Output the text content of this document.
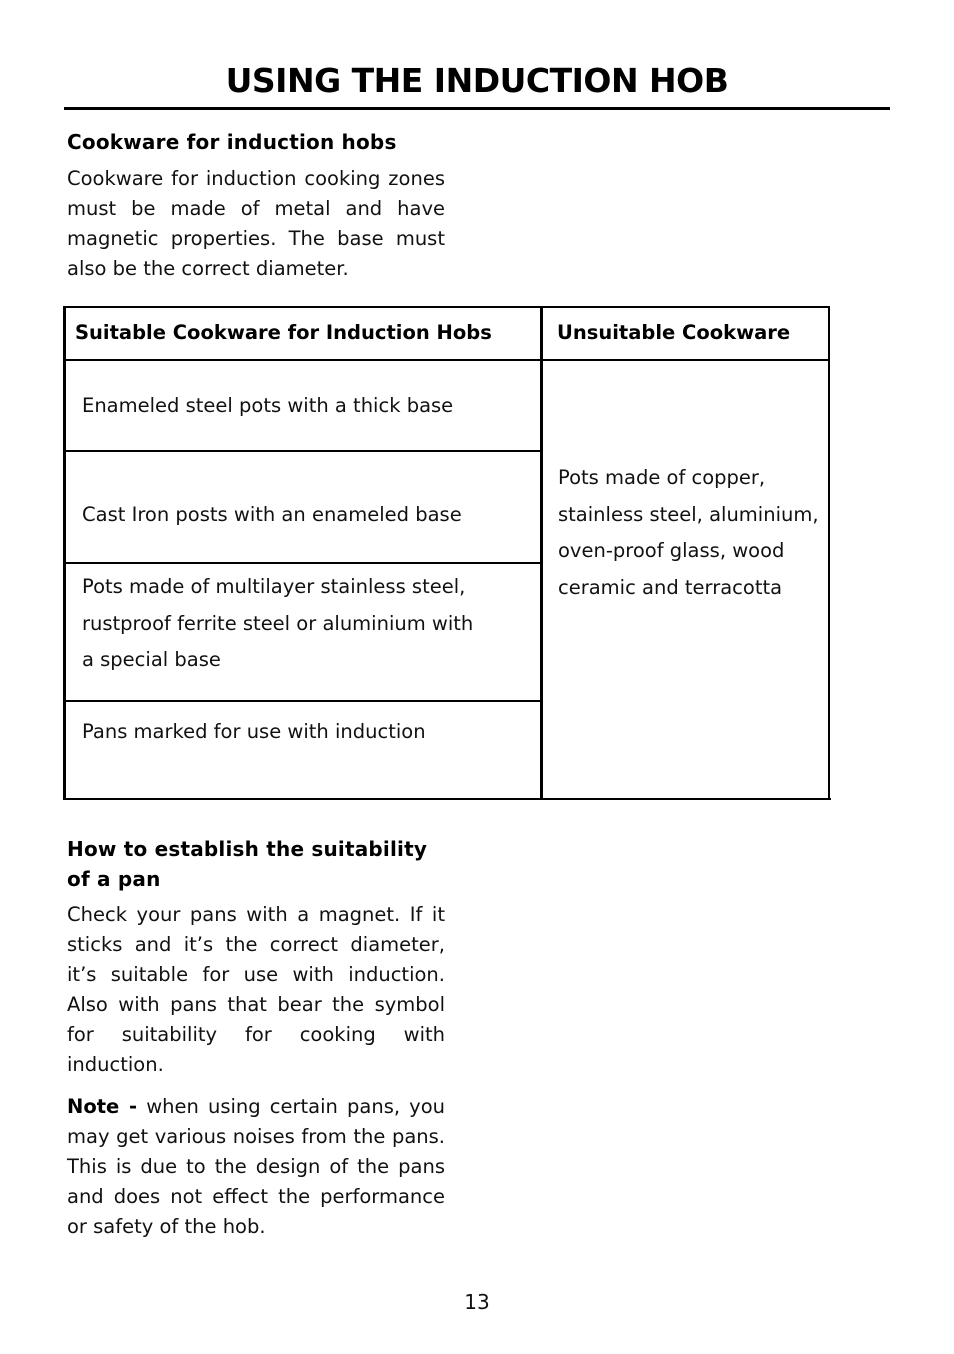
USING THE INDUCTION HOB
Cookware for induction hobs
Cookware for induction cooking zones must be made of metal and have magnetic properties. The base must also be the correct diameter.
Suitable Cookware for Induction Hobs	Unsuitable Cookware
Enameled steel pots with a thick base
Cast Iron posts with an enameled base
Pots made of multilayer stainless steel, rustproof ferrite steel or aluminium with a special base
Pans marked for use with induction
Pots made of copper, stainless steel, aluminium, oven-proof glass, wood ceramic and terracotta
How to establish the suitability of a pan
Check your pans with a magnet. If it sticks and it’s the correct diameter, it’s suitable for use with induction. Also with pans that bear the symbol for suitability for cooking with induction.
Note - when using certain pans, you may get various noises from the pans. This is due to the design of the pans and does not effect the performance or safety of the hob.
13
